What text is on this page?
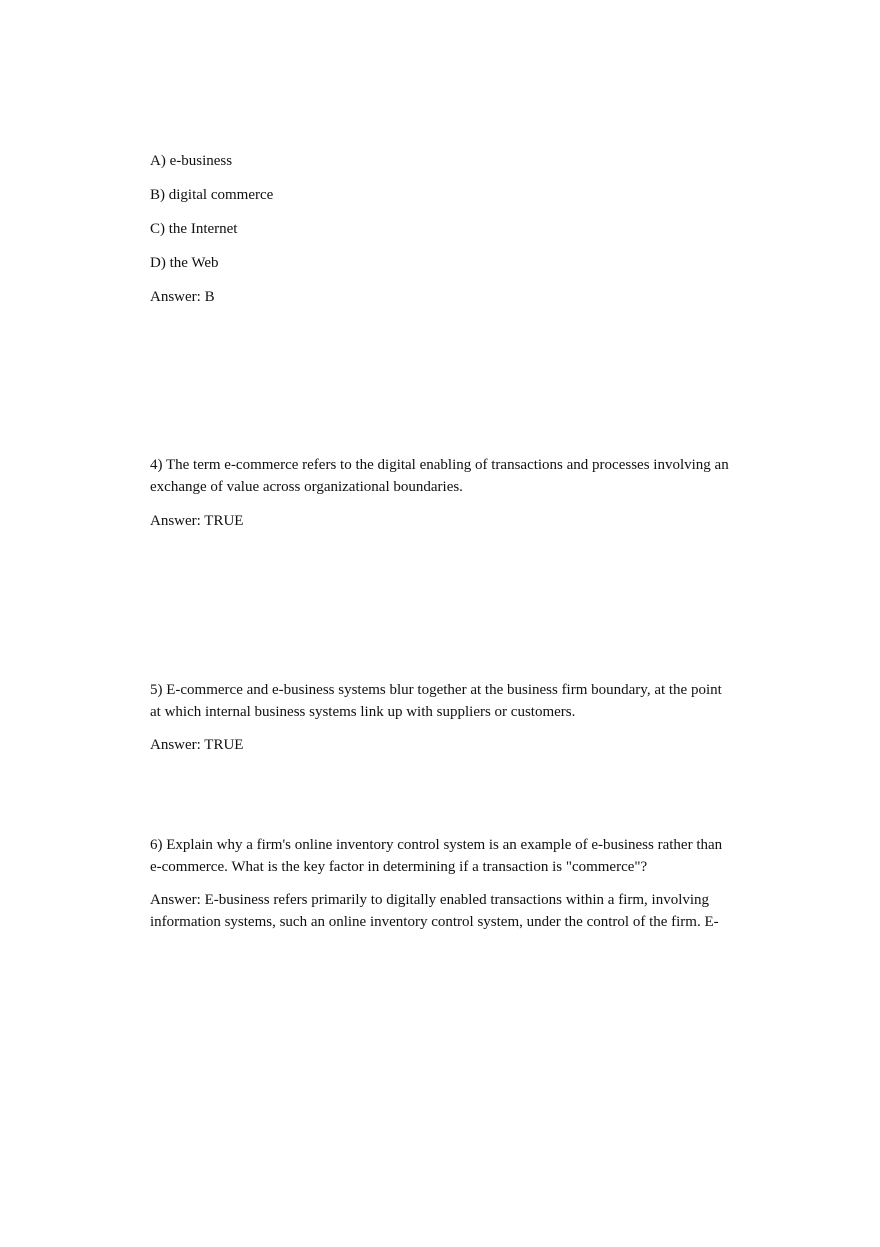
A) e-business
B) digital commerce
C) the Internet
D) the Web
Answer: B
4) The term e-commerce refers to the digital enabling of transactions and processes involving an
exchange of value across organizational boundaries.
Answer: TRUE
5) E-commerce and e-business systems blur together at the business firm boundary, at the point
at which internal business systems link up with suppliers or customers.
Answer: TRUE
6) Explain why a firm's online inventory control system is an example of e-business rather than
e-commerce. What is the key factor in determining if a transaction is "commerce"?
Answer: E-business refers primarily to digitally enabled transactions within a firm, involving
information systems, such an online inventory control system, under the control of the firm. E-
